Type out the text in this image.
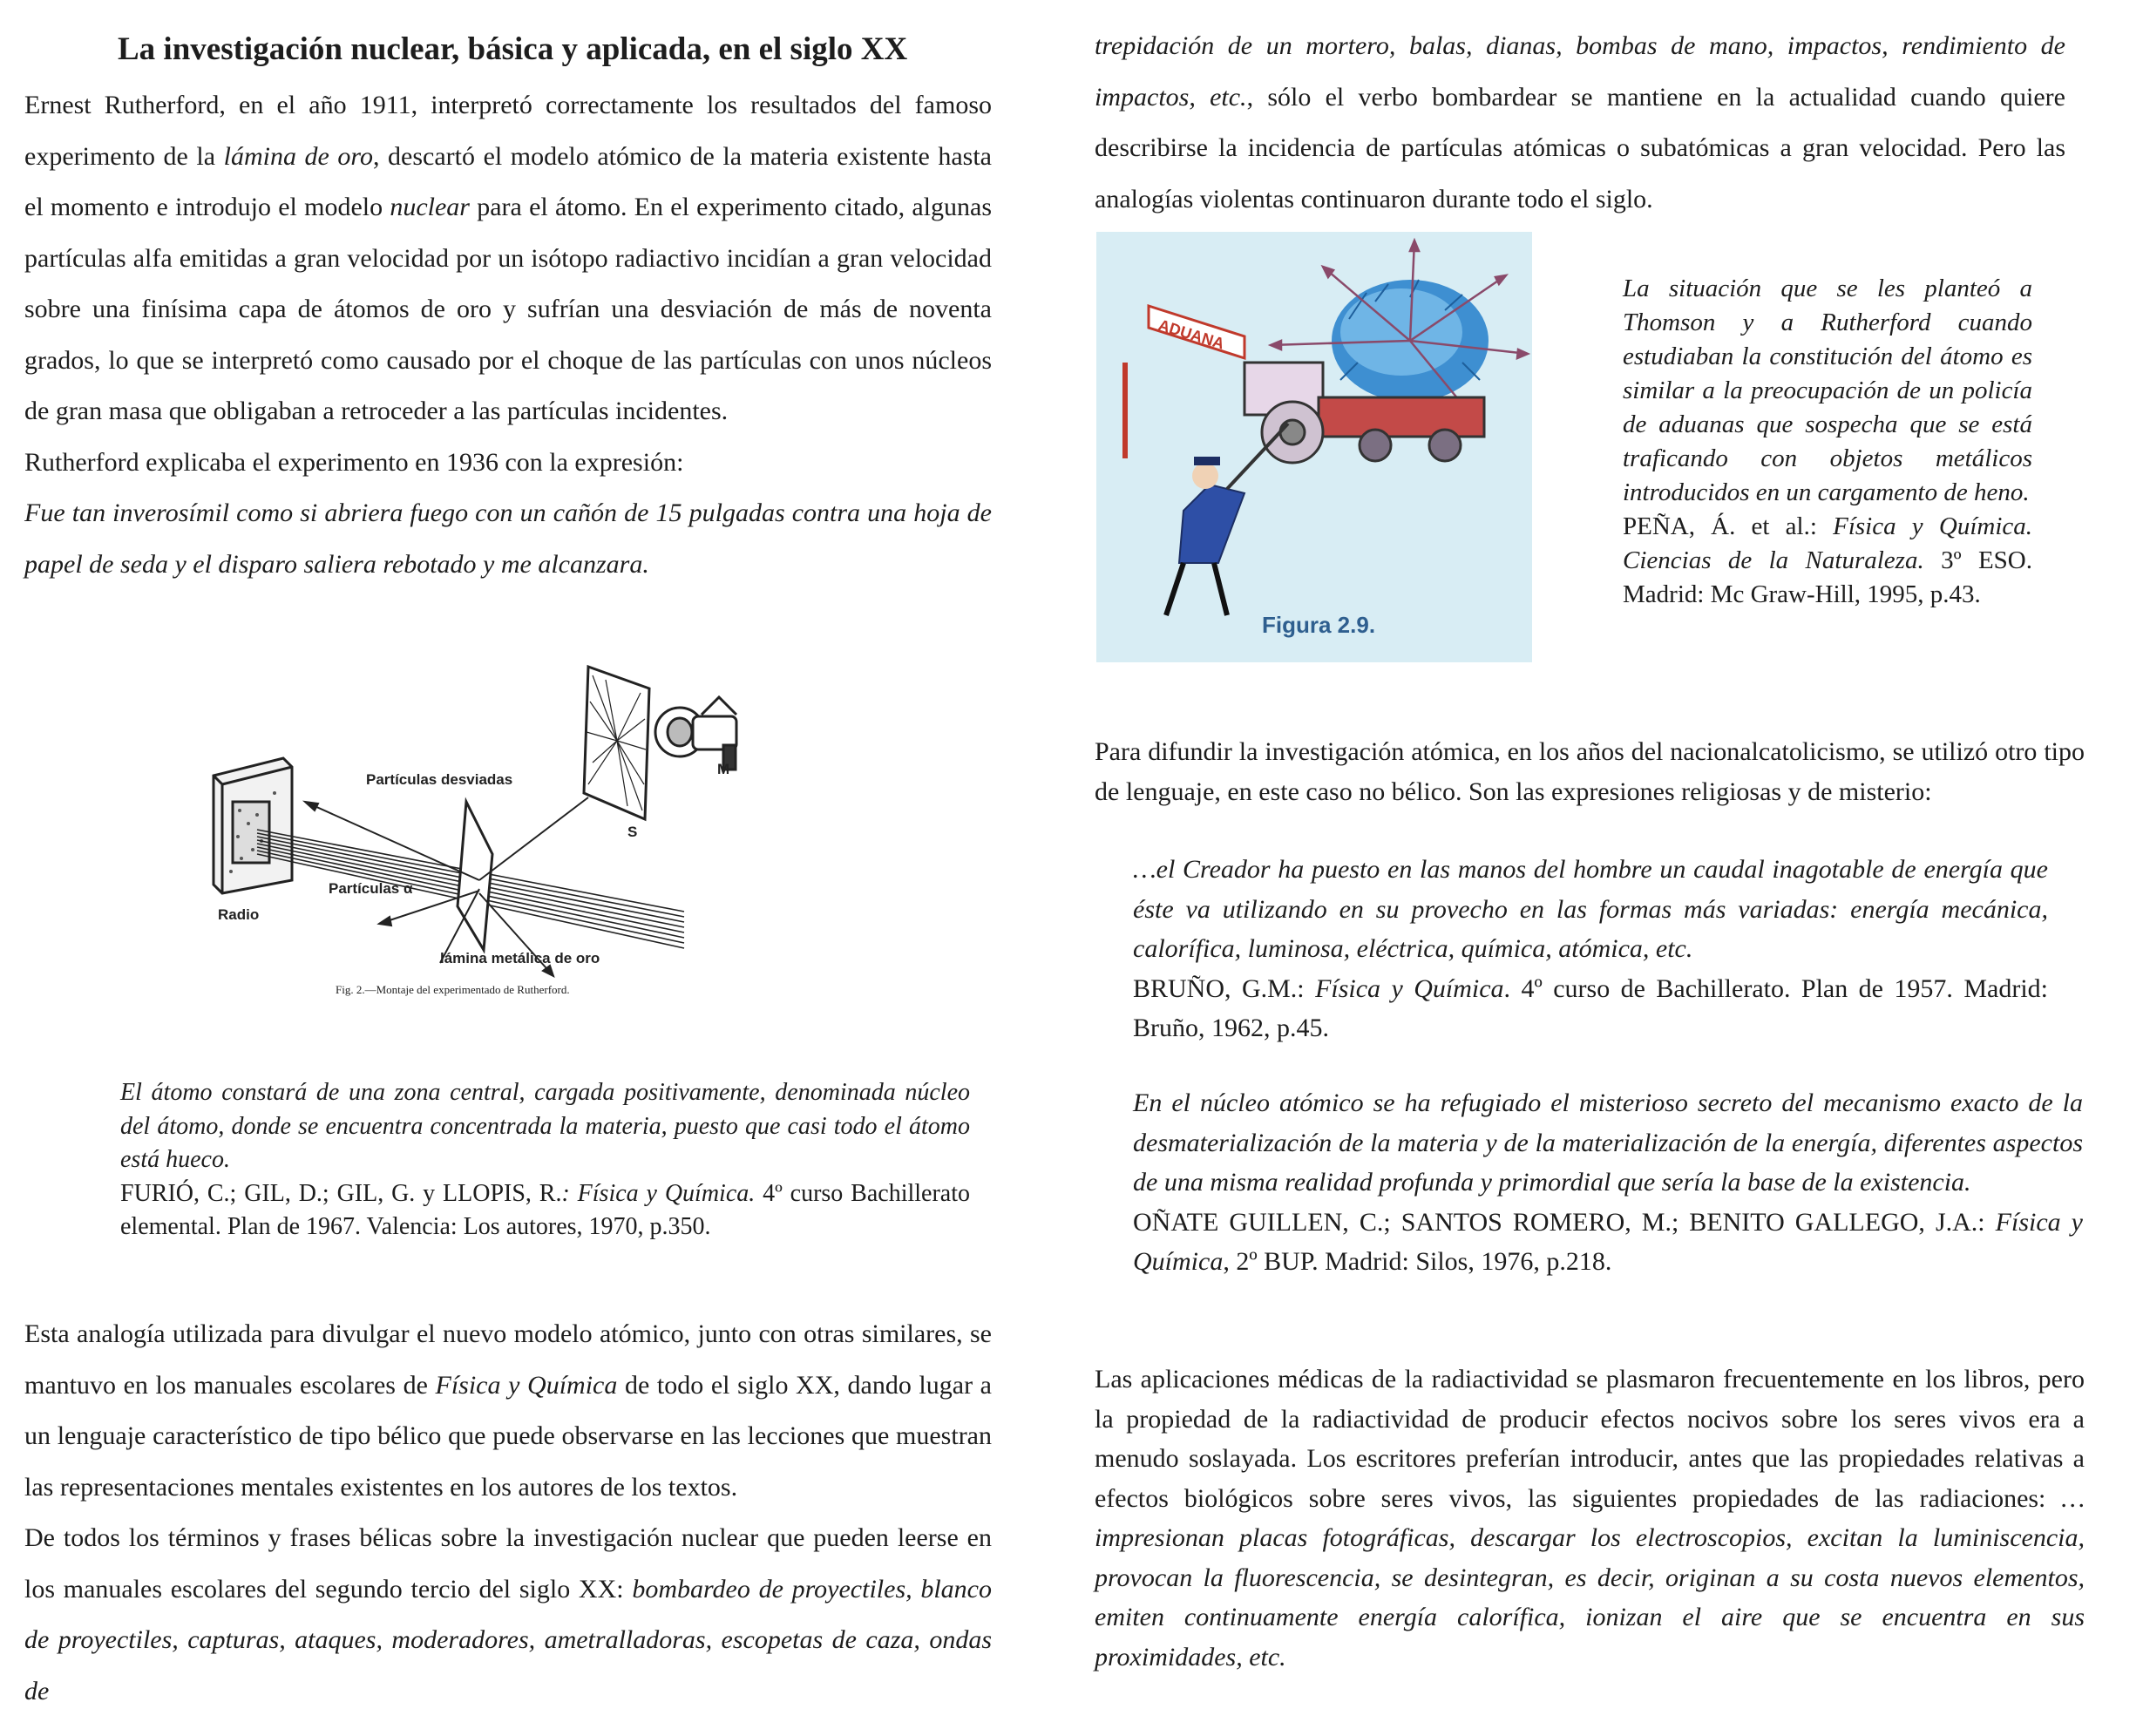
La investigación nuclear, básica y aplicada, en el siglo XX

Ernest Rutherford, en el año 1911, interpretó correctamente los resultados del famoso experimento de la lámina de oro, descartó el modelo atómico de la materia existente hasta el momento e introdujo el modelo nuclear para el átomo. En el experimento citado, algunas partículas alfa emitidas a gran velocidad por un isótopo radiactivo incidían a gran velocidad sobre una finísima capa de átomos de oro y sufrían una desviación de más de noventa grados, lo que se interpretó como causado por el choque de las partículas con unos núcleos de gran masa que obligaban a retroceder a las partículas incidentes.

Rutherford explicaba el experimento en 1936 con la expresión:

Fue tan inverosímil como si abriera fuego con un cañón de 15 pulgadas contra una hoja de papel de seda y el disparo saliera rebotado y me alcanzara.

Partículas desviadas
Partículas α
Radio
lámina metálica de oro
S
M
Fig. 2.—Montaje del experimentado de Rutherford.

El átomo constará de una zona central, cargada positivamente, denominada núcleo del átomo, donde se encuentra concentrada la materia, puesto que casi todo el átomo está hueco.

FURIÓ, C.; GIL, D.; GIL, G. y LLOPIS, R.: Física y Química. 4º curso Bachillerato elemental. Plan de 1967. Valencia: Los autores, 1970, p.350.

Esta analogía utilizada para divulgar el nuevo modelo atómico, junto con otras similares, se mantuvo en los manuales escolares de Física y Química de todo el siglo XX, dando lugar a un lenguaje característico de tipo bélico que puede observarse en las lecciones que muestran las representaciones mentales existentes en los autores de los textos.

De todos los términos y frases bélicas sobre la investigación nuclear que pueden leerse en los manuales escolares del segundo tercio del siglo XX: bombardeo de proyectiles, blanco de proyectiles, capturas, ataques, moderadores, ametralladoras, escopetas de caza, ondas de

trepidación de un mortero, balas, dianas, bombas de mano, impactos, rendimiento de impactos, etc., sólo el verbo bombardear se mantiene en la actualidad cuando quiere describirse la incidencia de partículas atómicas o subatómicas a gran velocidad. Pero las analogías violentas continuaron durante todo el siglo.

ADUANA
Figura 2.9.

La situación que se les planteó a Thomson y a Rutherford cuando estudiaban la constitución del átomo es similar a la preocupación de un policía de aduanas que sospecha que se está traficando con objetos metálicos introducidos en un cargamento de heno.

PEÑA, Á. et al.: Física y Química. Ciencias de la Naturaleza. 3º ESO. Madrid: Mc Graw-Hill, 1995, p.43.

Para difundir la investigación atómica, en los años del nacionalcatolicismo, se utilizó otro tipo de lenguaje, en este caso no bélico. Son las expresiones religiosas y de misterio:

…el Creador ha puesto en las manos del hombre un caudal inagotable de energía que éste va utilizando en su provecho en las formas más variadas: energía mecánica, calorífica, luminosa, eléctrica, química, atómica, etc.

BRUÑO, G.M.: Física y Química. 4º curso de Bachillerato. Plan de 1957. Madrid: Bruño, 1962, p.45.

En el núcleo atómico se ha refugiado el misterioso secreto del mecanismo exacto de la desmaterialización de la materia y de la materialización de la energía, diferentes aspectos de una misma realidad profunda y primordial que sería la base de la existencia.

OÑATE GUILLEN, C.; SANTOS ROMERO, M.; BENITO GALLEGO, J.A.: Física y Química, 2º BUP. Madrid: Silos, 1976, p.218.

Las aplicaciones médicas de la radiactividad se plasmaron frecuentemente en los libros, pero la propiedad de la radiactividad de producir efectos nocivos sobre los seres vivos era a menudo soslayada. Los escritores preferían introducir, antes que las propiedades relativas a efectos biológicos sobre seres vivos, las siguientes propiedades de las radiaciones: …impresionan placas fotográficas, descargar los electroscopios, excitan la luminiscencia, provocan la fluorescencia, se desintegran, es decir, originan a su costa nuevos elementos, emiten continuamente energía calorífica, ionizan el aire que se encuentra en sus proximidades, etc.
